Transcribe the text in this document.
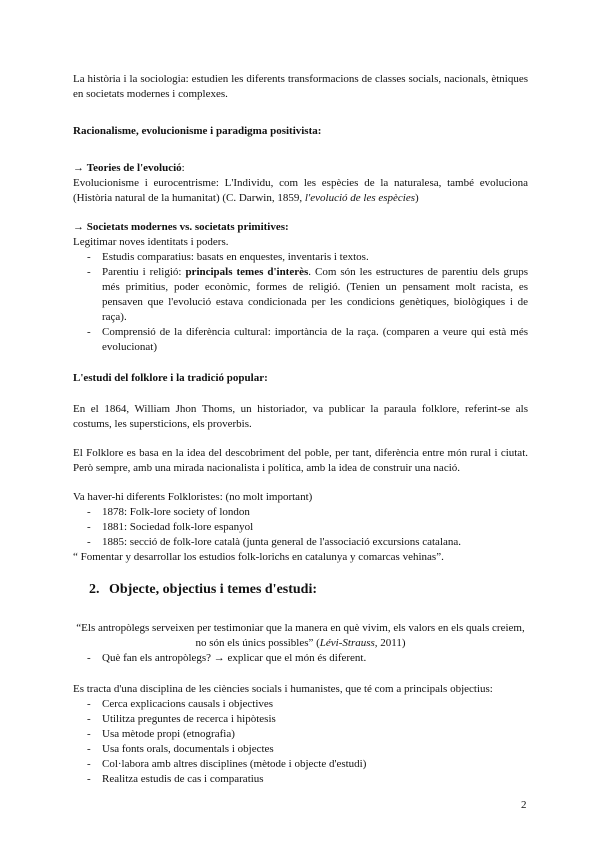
La història i la sociologia: estudien les diferents transformacions de classes socials, nacionals, ètniques en societats modernes i complexes.

Racionalisme, evolucionisme i paradigma positivista:

→ Teories de l'evolució:

Evolucionisme i eurocentrisme: L'Individu, com les espècies de la naturalesa, també evoluciona (Història natural de la humanitat) (C. Darwin, 1859, l'evolució de les espècies)

→ Societats modernes vs. societats primitives:

Legitimar noves identitats i poders.

- Estudis comparatius: basats en enquestes, inventaris i textos.
- Parentiu i religió: principals temes d'interès. Com són les estructures de parentiu dels grups més primitius, poder econòmic, formes de religió. (Tenien un pensament molt racista, es pensaven que l'evolució estava condicionada per les condicions genètiques, biològiques i de raça).
- Comprensió de la diferència cultural: importància de la raça. (comparen a veure qui està més evolucionat)

L'estudi del folklore i la tradició popular:

En el 1864, William Jhon Thoms, un historiador, va publicar la paraula folklore, referint-se als costums, les supersticions, els proverbis.

El Folklore es basa en la idea del descobriment del poble, per tant, diferència entre món rural i ciutat. Però sempre, amb una mirada nacionalista i política, amb la idea de construir una nació.

Va haver-hi diferents Folkloristes: (no molt important)

- 1878: Folk-lore society of london
- 1881: Sociedad folk-lore espanyol
- 1885: secció de folk-lore català (junta general de l'associació excursions catalana.

“ Fomentar y desarrollar los estudios folk-lorichs en catalunya y comarcas vehinas”.

2. Objecte, objectius i temes d'estudi:

“Els antropòlegs serveixen per testimoniar que la manera en què vivim, els valors en els quals creiem, no són els únics possibles” (Lévi-Strauss, 2011)

- Què fan els antropòlegs? → explicar que el món és diferent.

Es tracta d'una disciplina de les ciències socials i humanistes, que té com a principals objectius:

- Cerca explicacions causals i objectives
- Utilitza preguntes de recerca i hipòtesis
- Usa mètode propi (etnografia)
- Usa fonts orals, documentals i objectes
- Col·labora amb altres disciplines (mètode i objecte d'estudi)
- Realitza estudis de cas i comparatius
2
